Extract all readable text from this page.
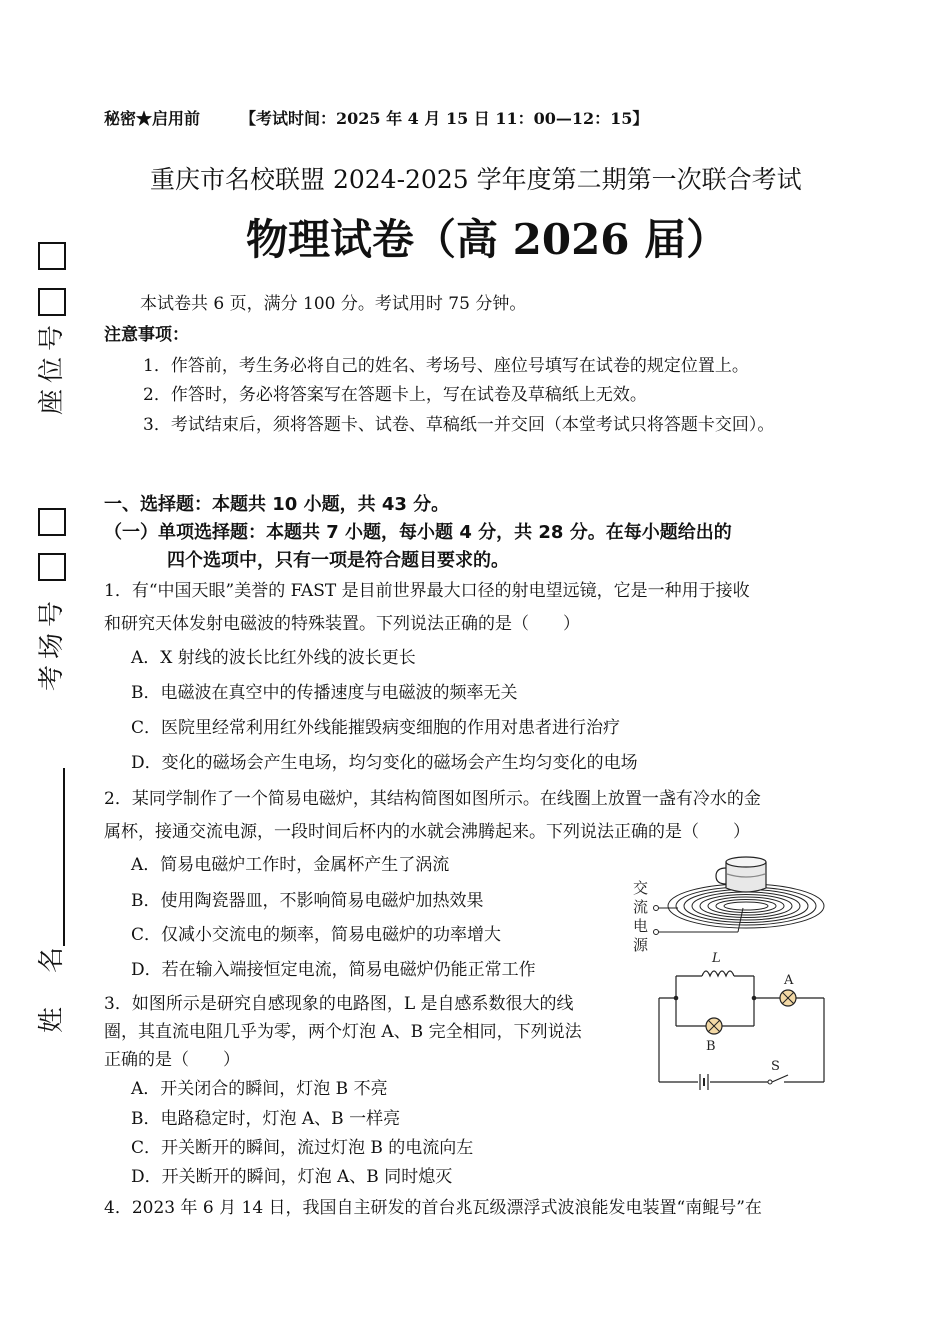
号
位
座
号
场
考
名
姓
秘密★启用前 【考试时间：2025 年 4 月 15 日 11：00—12：15】
重庆市名校联盟 2024-2025 学年度第二期第一次联合考试
物理试卷（高 2026 届）
本试卷共 6 页，满分 100 分。考试用时 75 分钟。
注意事项：
1．作答前，考生务必将自己的姓名、考场号、座位号填写在试卷的规定位置上。
2．作答时，务必将答案写在答题卡上，写在试卷及草稿纸上无效。
3．考试结束后，须将答题卡、试卷、草稿纸一并交回（本堂考试只将答题卡交回）。
一、选择题：本题共 10 小题，共 43 分。
（一）单项选择题：本题共 7 小题，每小题 4 分，共 28 分。在每小题给出的
四个选项中，只有一项是符合题目要求的。
1．有“中国天眼”美誉的 FAST 是目前世界最大口径的射电望远镜，它是一种用于接收
和研究天体发射电磁波的特殊装置。下列说法正确的是（　　）
A．X 射线的波长比红外线的波长更长
B．电磁波在真空中的传播速度与电磁波的频率无关
C．医院里经常利用红外线能摧毁病变细胞的作用对患者进行治疗
D．变化的磁场会产生电场，均匀变化的磁场会产生均匀变化的电场
2．某同学制作了一个简易电磁炉，其结构简图如图所示。在线圈上放置一盏有冷水的金
属杯，接通交流电源，一段时间后杯内的水就会沸腾起来。下列说法正确的是（　　）
A．简易电磁炉工作时，金属杯产生了涡流
B．使用陶瓷器皿，不影响简易电磁炉加热效果
C．仅减小交流电的频率，简易电磁炉的功率增大
D．若在输入端接恒定电流，简易电磁炉仍能正常工作
交
流
电
源
3．如图所示是研究自感现象的电路图，L 是自感系数很大的线
圈，其直流电阻几乎为零，两个灯泡 A、B 完全相同，下列说法
正确的是（　　）
A．开关闭合的瞬间，灯泡 B 不亮
B．电路稳定时，灯泡 A、B 一样亮
C．开关断开的瞬间，流过灯泡 B 的电流向左
D．开关断开的瞬间，灯泡 A、B 同时熄灭
L
A
B
S
4．2023 年 6 月 14 日，我国自主研发的首台兆瓦级漂浮式波浪能发电装置“南鲲号”在
